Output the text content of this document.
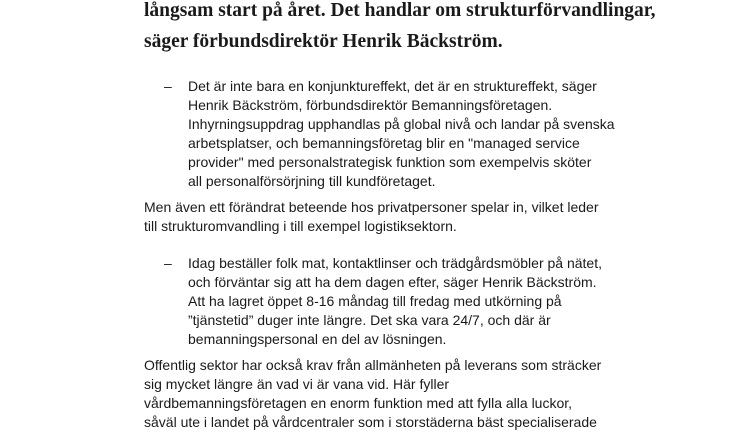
långsam start på året. Det handlar om strukturförvandlingar,
säger förbundsdirektör Henrik Bäckström.
– Det är inte bara en konjunktureffekt, det är en struktureffekt, säger
Henrik Bäckström, förbundsdirektör Bemanningsföretagen.
Inhyrningsuppdrag upphandlas på global nivå och landar på svenska
arbetsplatser, och bemanningsföretag blir en "managed service
provider" med personalstrategisk funktion som exempelvis sköter
all personalförsörjning till kundföretaget.
Men även ett förändrat beteende hos privatpersoner spelar in, vilket leder
till strukturomvandling i till exempel logistiksektorn.
– Idag beställer folk mat, kontaktlinser och trädgårdsmöbler på nätet,
och förväntar sig att ha dem dagen efter, säger Henrik Bäckström.
Att ha lagret öppet 8-16 måndag till fredag med utkörning på
”tjänstetid” duger inte längre. Det ska vara 24/7, och där är
bemanningspersonal en del av lösningen.
Offentlig sektor har också krav från allmänheten på leverans som sträcker
sig mycket längre än vad vi är vana vid. Här fyller
vårdbemanningsföretagen en enorm funktion med att fylla alla luckor,
såväl ute i landet på vårdcentraler som i storstäderna bäst specialiserade
